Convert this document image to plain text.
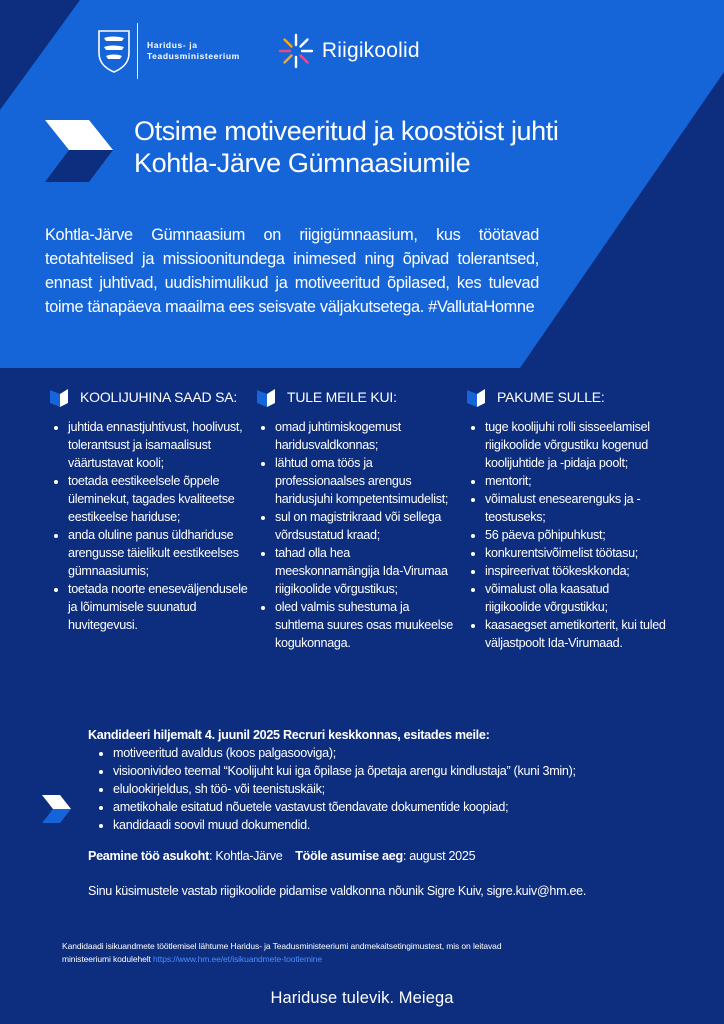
Haridus- ja
Teadusministeerium	Riigikoolid
Otsime motiveeritud ja koostöist juhti
Kohtla-Järve Gümnaasiumile

Kohtla-Järve Gümnaasium on riigigümnaasium, kus töötavad teotahtelised ja missioonitundega inimesed ning õpivad tolerantsed, ennast juhtivad, uudishimulikud ja motiveeritud õpilased, kes tulevad toime tänapäeva maailma ees seisvate väljakutsetega. #VallutaHomne

KOOLIJUHINA SAAD SA:
• juhtida ennastjuhtivust, hoolivust, tolerantsust ja isamaalisust väärtustavat kooli;
• toetada eestikeelsele õppele üleminekut, tagades kvaliteetse eestikeelse hariduse;
• anda oluline panus üldhariduse arengusse täielikult eestikeelses gümnaasiumis;
• toetada noorte eneseväljendusele ja lõimumisele suunatud huvitegevusi.
TULE MEILE KUI:
• omad juhtimiskogemust haridusvaldkonnas;
• lähtud oma töös ja professionaalses arengus haridusjuhi kompetentsimudelist;
• sul on magistrikraad või sellega võrdsustatud kraad;
• tahad olla hea meeskonnamängija Ida-Virumaa riigikoolide võrgustikus;
• oled valmis suhestuma ja suhtlema suures osas muukeelse kogukonnaga.
PAKUME SULLE:
• tuge koolijuhi rolli sisseelamisel riigikoolide võrgustiku kogenud koolijuhtide ja -pidaja poolt;
• mentorit;
• võimalust enesearenguks ja -teostuseks;
• 56 päeva põhipuhkust;
• konkurentsivõimelist töötasu;
• inspireerivat töökeskkonda;
• võimalust olla kaasatud riigikoolide võrgustikku;
• kaasaegset ametikorterit, kui tuled väljastpoolt Ida-Virumaad.
Kandideeri hiljemalt 4. juunil 2025 Recruri keskkonnas, esitades meile:
• motiveeritud avaldus (koos palgasooviga);
• visioonivideo teemal “Koolijuht kui iga õpilase ja õpetaja arengu kindlustaja” (kuni 3min);
• elulookirjeldus, sh töö- või teenistuskäik;
• ametikohale esitatud nõuetele vastavust tõendavate dokumentide koopiad;
• kandidaadi soovil muud dokumendid.
Peamine töö asukoht: Kohtla-Järve Tööle asumise aeg: august 2025
Sinu küsimustele vastab riigikoolide pidamise valdkonna nõunik Sigre Kuiv, sigre.kuiv@hm.ee.
Kandidaadi isikuandmete töötlemisel lähtume Haridus- ja Teadusministeeriumi andmekaitsetingimustest, mis on leitavad ministeeriumi kodulehelt https://www.hm.ee/et/isikuandmete-tootlemine
Hariduse tulevik. Meiega
